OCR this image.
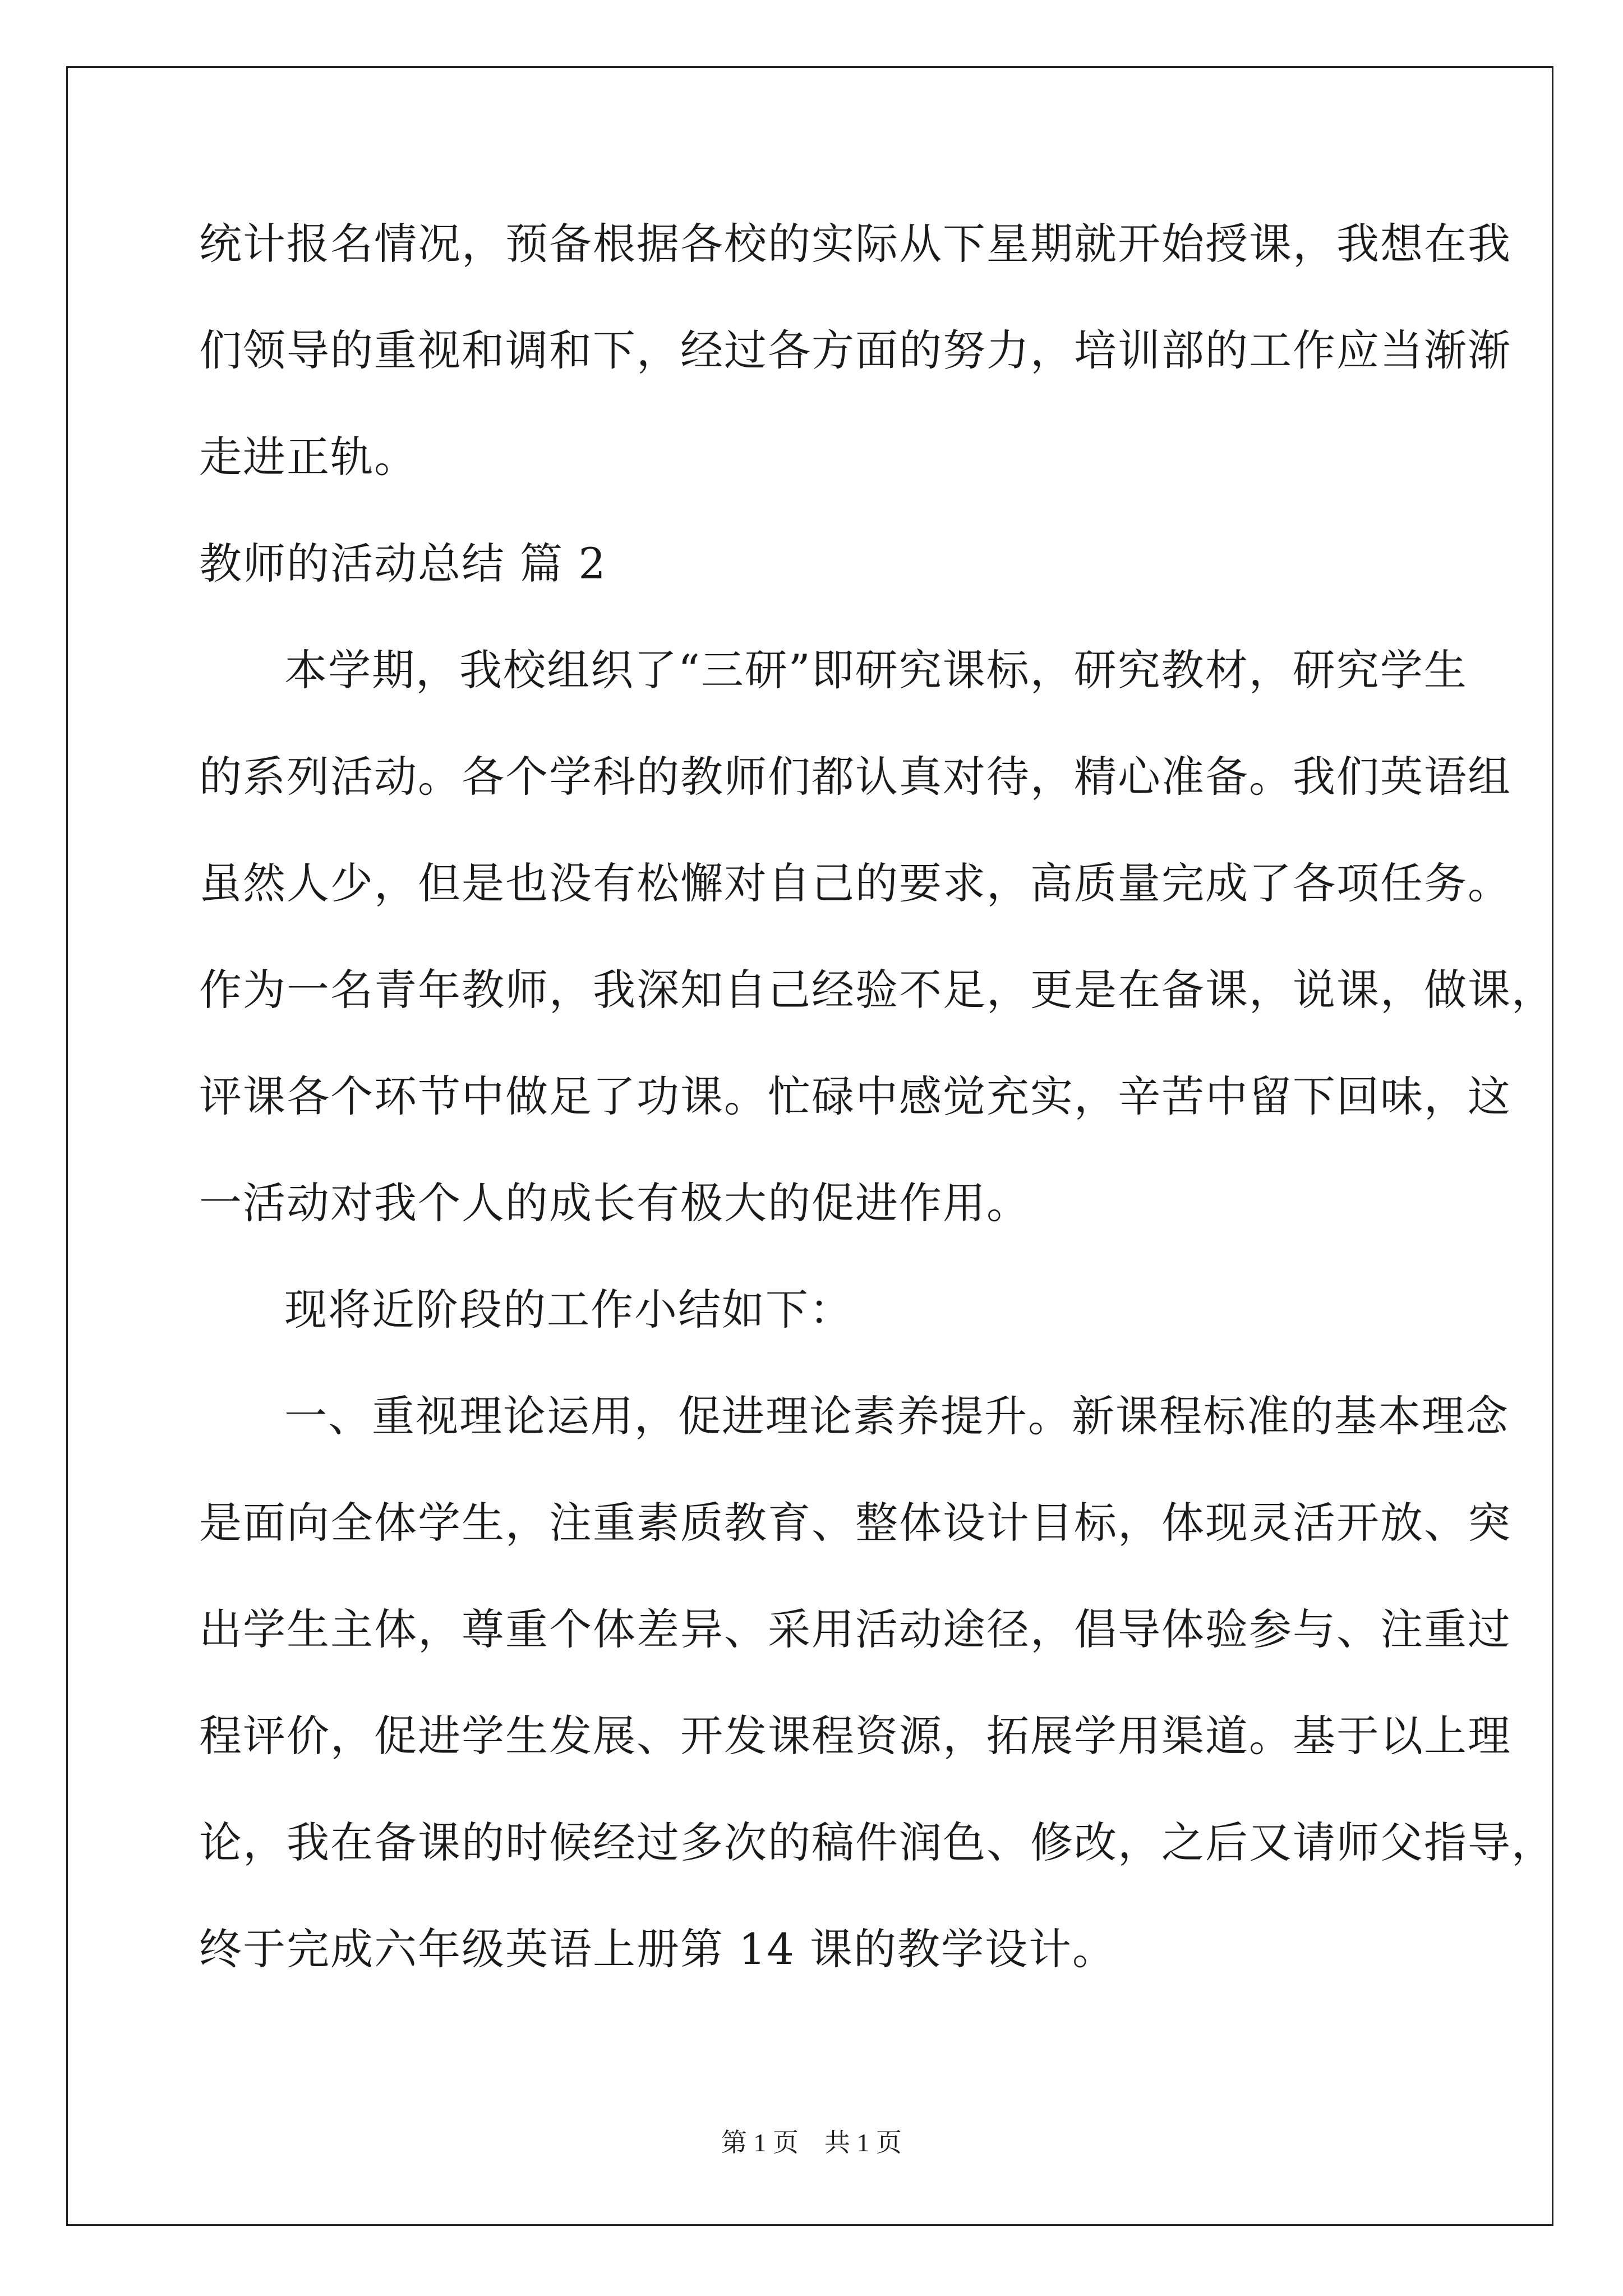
统计报名情况，预备根据各校的实际从下星期就开始授课，我想在我
们领导的重视和调和下，经过各方面的努力，培训部的工作应当渐渐
走进正轨。
教师的活动总结 篇 2
本学期，我校组织了“三研”即研究课标，研究教材，研究学生
的系列活动。各个学科的教师们都认真对待，精心准备。我们英语组
虽然人少，但是也没有松懈对自己的要求，高质量完成了各项任务。
作为一名青年教师，我深知自己经验不足，更是在备课，说课，做课，
评课各个环节中做足了功课。忙碌中感觉充实，辛苦中留下回味，这
一活动对我个人的成长有极大的促进作用。
现将近阶段的工作小结如下：
一、重视理论运用，促进理论素养提升。新课程标准的基本理念
是面向全体学生，注重素质教育、整体设计目标，体现灵活开放、突
出学生主体，尊重个体差异、采用活动途径，倡导体验参与、注重过
程评价，促进学生发展、开发课程资源，拓展学用渠道。基于以上理
论，我在备课的时候经过多次的稿件润色、修改，之后又请师父指导，
终于完成六年级英语上册第 14 课的教学设计。
第 1 页　共 1 页
